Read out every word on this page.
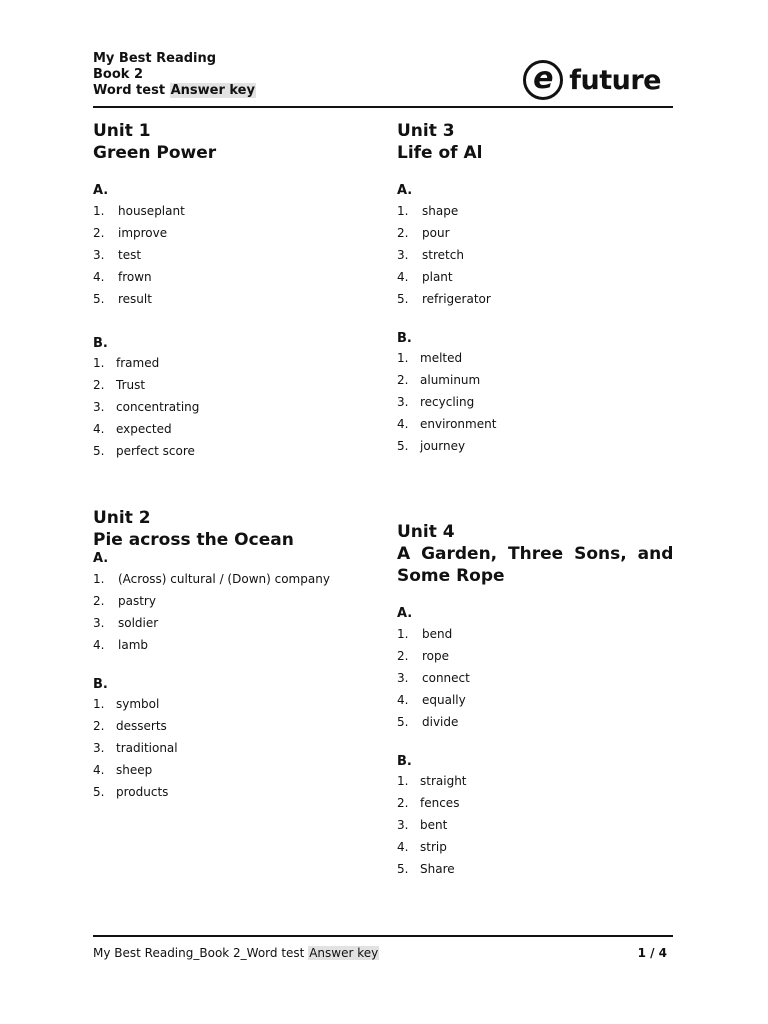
My Best Reading
Book 2
Word test Answer key	e future
Unit 1
Green Power
A.
1. houseplant
2. improve
3. test
4. frown
5. result
B.
1. framed
2. Trust
3. concentrating
4. expected
5. perfect score
Unit 2
Pie across the Ocean
A.
1. (Across) cultural / (Down) company
2. pastry
3. soldier
4. lamb
B.
1. symbol
2. desserts
3. traditional
4. sheep
5. products
Unit 3
Life of Al
A.
1. shape
2. pour
3. stretch
4. plant
5. refrigerator
B.
1. melted
2. aluminum
3. recycling
4. environment
5. journey
Unit 4
A Garden, Three Sons, and
Some Rope
A.
1. bend
2. rope
3. connect
4. equally
5. divide
B.
1. straight
2. fences
3. bent
4. strip
5. Share
My Best Reading_Book 2_Word test Answer key	1 / 4
